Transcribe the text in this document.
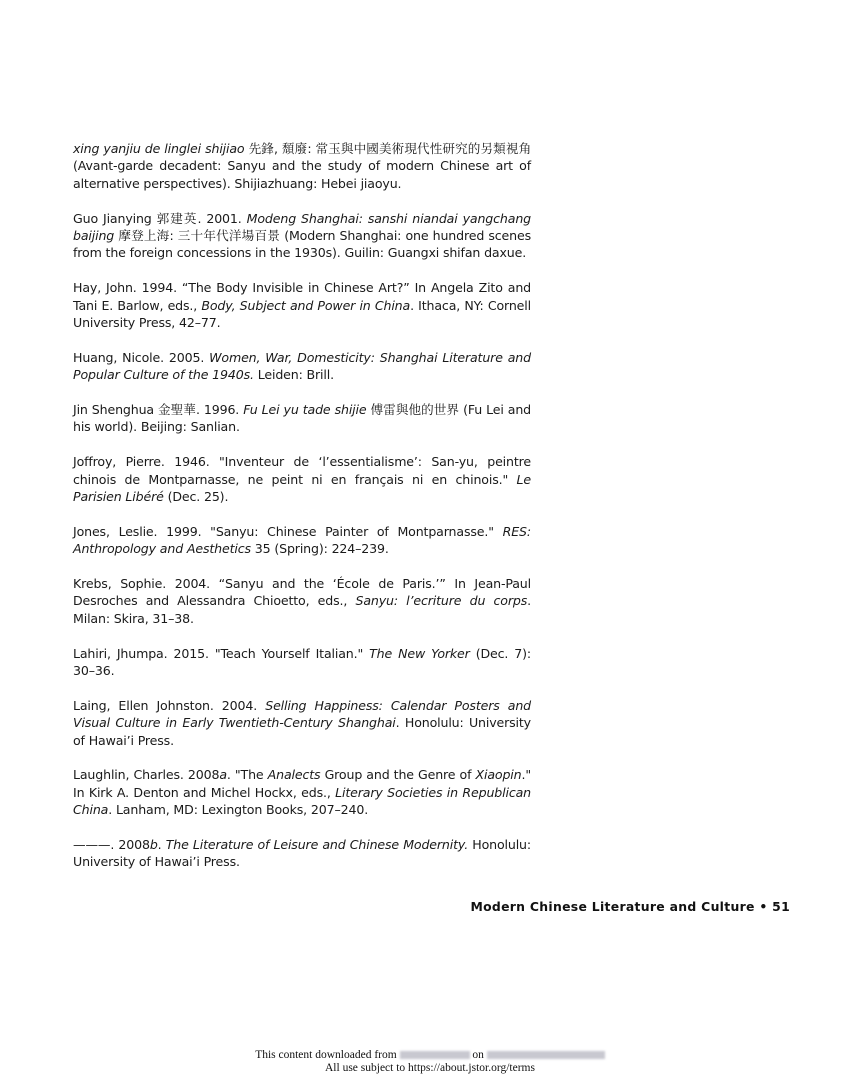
xing yanjiu de linglei shijiao 先鋒, 頹廢: 常玉與中國美術現代性研究的另類視角 (Avant-garde decadent: Sanyu and the study of modern Chinese art of alternative perspectives). Shijiazhuang: Hebei jiaoyu.
Guo Jianying 郭建英. 2001. Modeng Shanghai: sanshi niandai yangchang baijing 摩登上海: 三十年代洋場百景 (Modern Shanghai: one hundred scenes from the foreign concessions in the 1930s). Guilin: Guangxi shifan daxue.
Hay, John. 1994. “The Body Invisible in Chinese Art?” In Angela Zito and Tani E. Barlow, eds., Body, Subject and Power in China. Ithaca, NY: Cornell University Press, 42–77.
Huang, Nicole. 2005. Women, War, Domesticity: Shanghai Literature and Popular Culture of the 1940s. Leiden: Brill.
Jin Shenghua 金聖華. 1996. Fu Lei yu tade shijie 傅雷與他的世界 (Fu Lei and his world). Beijing: Sanlian.
Joffroy, Pierre. 1946. "Inventeur de ‘l’essentialisme’: San-yu, peintre chinois de Montparnasse, ne peint ni en français ni en chinois." Le Parisien Libéré (Dec. 25).
Jones, Leslie. 1999. "Sanyu: Chinese Painter of Montparnasse." RES: Anthropology and Aesthetics 35 (Spring): 224–239.
Krebs, Sophie. 2004. “Sanyu and the ‘École de Paris.’” In Jean-Paul Desroches and Alessandra Chioetto, eds., Sanyu: l’ecriture du corps. Milan: Skira, 31–38.
Lahiri, Jhumpa. 2015. "Teach Yourself Italian." The New Yorker (Dec. 7): 30–36.
Laing, Ellen Johnston. 2004. Selling Happiness: Calendar Posters and Visual Culture in Early Twentieth-Century Shanghai. Honolulu: University of Hawai’i Press.
Laughlin, Charles. 2008a. "The Analects Group and the Genre of Xiaopin." In Kirk A. Denton and Michel Hockx, eds., Literary Societies in Republican China. Lanham, MD: Lexington Books, 207–240.
———. 2008b. The Literature of Leisure and Chinese Modernity. Honolulu: University of Hawai’i Press.
Modern Chinese Literature and Culture • 51
This content downloaded from	on
All use subject to https://about.jstor.org/terms
